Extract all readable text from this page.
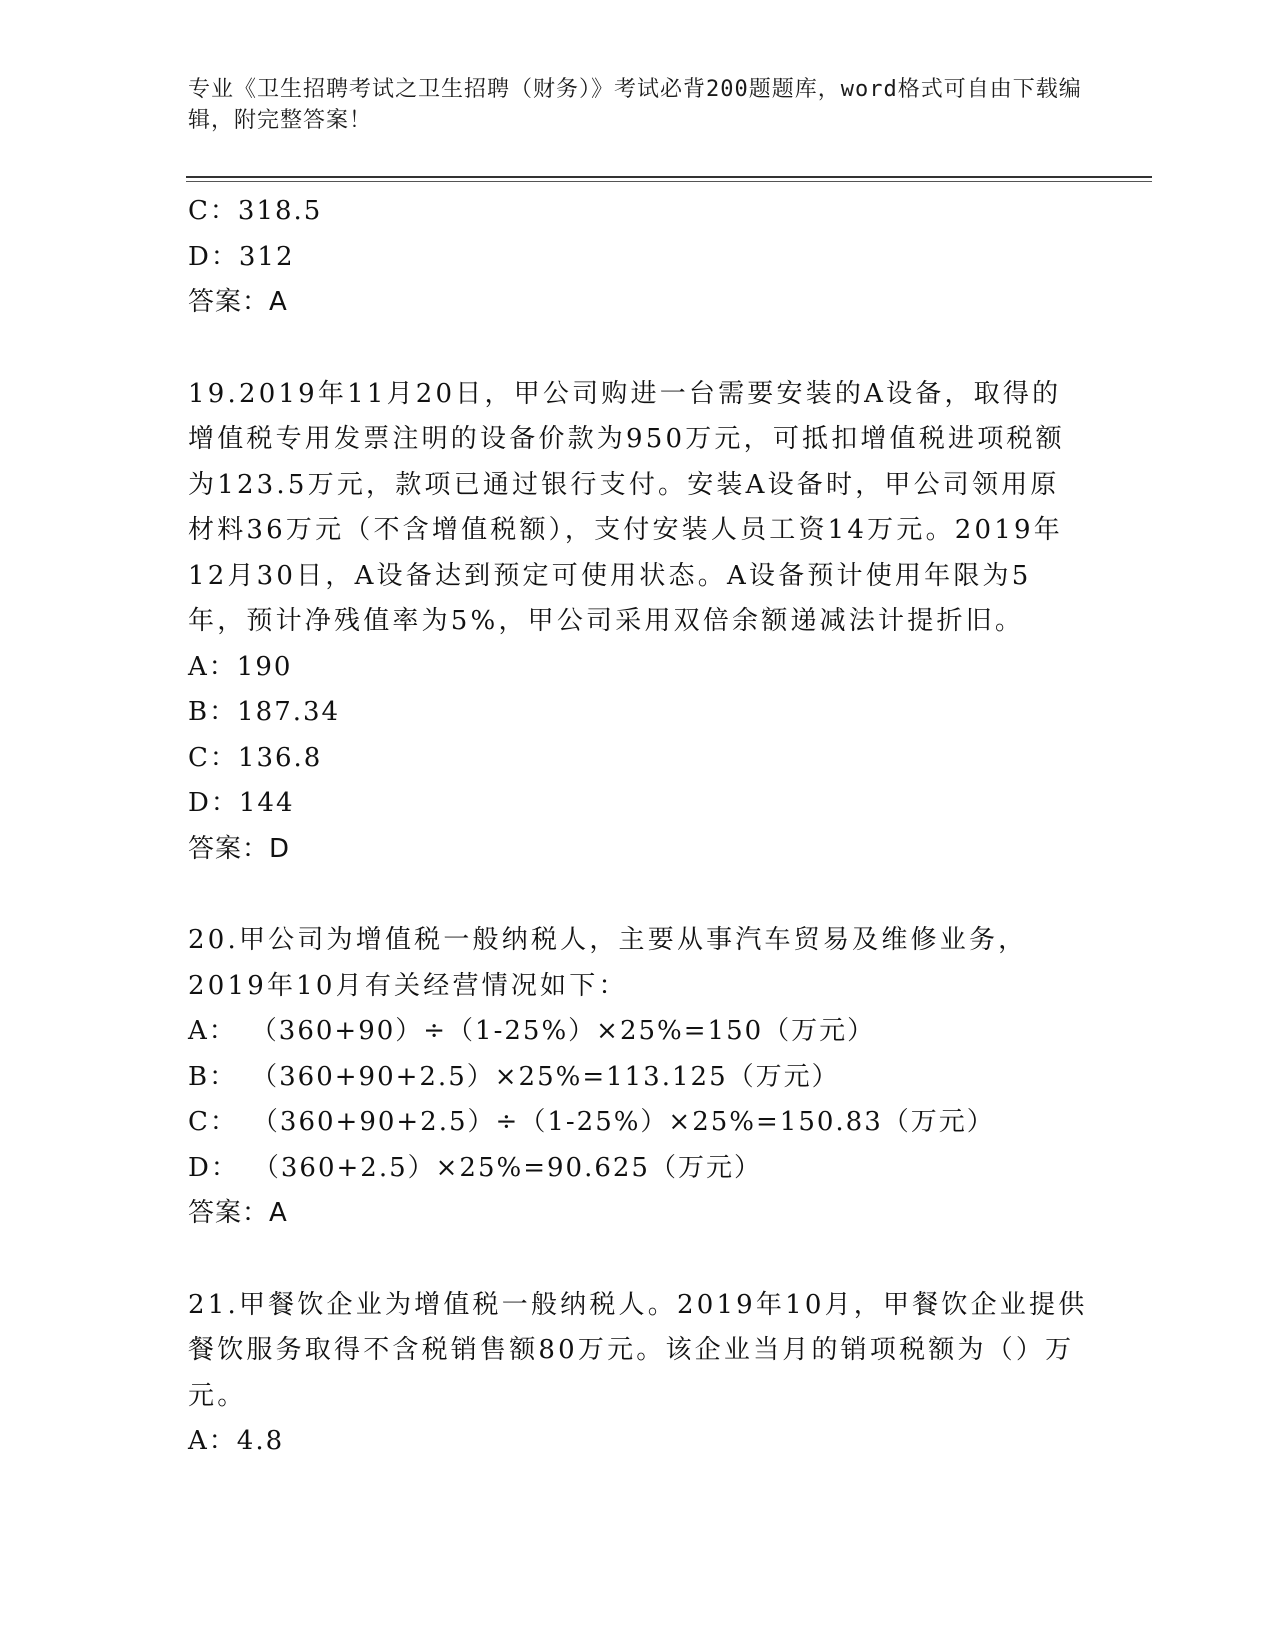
专业《卫生招聘考试之卫生招聘（财务）》考试必背200题题库，word格式可自由下载编辑，附完整答案！
C：318.5
D：312
答案：A
19.2019年11月20日，甲公司购进一台需要安装的A设备，取得的增值税专用发票注明的设备价款为950万元，可抵扣增值税进项税额为123.5万元，款项已通过银行支付。安装A设备时，甲公司领用原材料36万元（不含增值税额），支付安装人员工资14万元。2019年12月30日，A设备达到预定可使用状态。A设备预计使用年限为5年，预计净残值率为5%，甲公司采用双倍余额递减法计提折旧。
A：190
B：187.34
C：136.8
D：144
答案：D
20.甲公司为增值税一般纳税人，主要从事汽车贸易及维修业务，2019年10月有关经营情况如下：
A： （360+90）÷（1-25%）×25%=150（万元）
B： （360+90+2.5）×25%=113.125（万元）
C： （360+90+2.5）÷（1-25%）×25%=150.83（万元）
D： （360+2.5）×25%=90.625（万元）
答案：A
21.甲餐饮企业为增值税一般纳税人。2019年10月，甲餐饮企业提供餐饮服务取得不含税销售额80万元。该企业当月的销项税额为（）万元。
A：4.8
